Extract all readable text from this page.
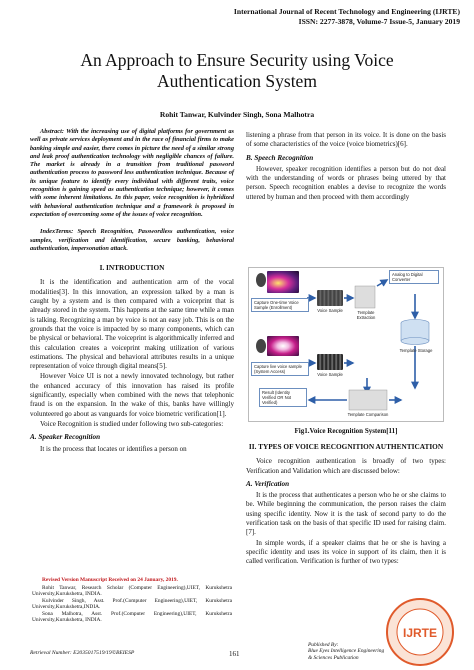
International Journal of Recent Technology and Engineering (IJRTE)
ISSN: 2277-3878, Volume-7 Issue-5, January 2019
An Approach to Ensure Security using Voice Authentication System
Rohit Tanwar, Kulvinder Singh, Sona Malhotra
Abstract: With the increasing use of digital platforms for government as well as private services deployment and in the race of financial firms to make banking simple and easier, there comes in picture the need of a similar strong and leak proof authentication technology with negligible chances of failure. The market is already in a transition from traditional password authentication process to password less authentication technique. Because of its unique feature to identify every individual with different traits, voice recognition is gaining speed as authentication technique; however, it comes with some inherent limitations. In this paper, voice recognition is hybridized with behavioral authentication technique and a framework is proposed in expectation of overcoming some of the issues of voice recognition.
IndexTerms: Speech Recognition, Passwordless authentication, voice samples, verification and identification, secure banking, behavioral authentication, impersonation attack.
I. INTRODUCTION
It is the identification and authentication arm of the vocal modalities[3]. In this innovation, an expression talked by a man is caught by a system and is then compared with a voiceprint that is already stored in the system. This happens at the same time while a man is talking. Recognizing a man by voice is not an easy job. This is on the grounds that the voice is impacted by so many components, which can be physical or behavioral. The voiceprint is algorithmically inferred and this calculation creates a voiceprint making utilization of various estimations. The physical and behavioral attributes results in a unique representation of voice through digital means[5].
However Voice UI is not a newly innovated technology, but rather the enhanced accuracy of this innovation has raised its profile significantly, especially when combined with the news that telephonic fraud is on the expansion. In the wake of this, banks have willingly volunteered go about as vanguards for voice biometric verification[1].
Voice Recognition is studied under following two sub-categories:
A. Speaker Recognition
It is the process that locates or identifies a person on
Revised Version Manuscript Received on 24 January, 2019.
Rohit Tanwar, Research Scholar (Computer Engineering),UIET, Kurukshetra University,Kurukshetra, INDIA.
Kulvinder Singh, Asst. Prof.(Computer Engineering),UIET, Kurukshetra University,Kurukshetra,INDIA.
Sona Malhotra, Asst. Prof.(Computer Engineering),UIET, Kurukshetra University,Kurukshetra, INDIA.
listening a phrase from that person in its voice. It is done on the basis of some characteristics of the voice (voice biometrics)[6].
B. Speech Recognition
However, speaker recognition identifies a person but do not deal with the understanding of words or phrases being uttered by that person. Speech recognition enables a devise to recognize the words uttered by human and then proceed with them accordingly
Analog to Digital Converter
Capture One-time Voice Sample (Enrollment)
Voice Sample	Template Extraction
Template Storage
Capture live voice sample (System Access)
Voice Sample
Result (Identity Verified OR Not Verified)
Template Comparison
Fig1.Voice Recognition System[11]
II. TYPES OF VOICE RECOGNITION AUTHENTICATION
Voice recognition authentication is broadly of two types: Verification and Validation which are discussed below:
A. Verification
It is the process that authenticates a person who he or she claims to be. While beginning the communication, the person raises the claim using specific identity. Now it is the task of second party to do the verification task on the basis of that specific ID used for raising claim. [7].
In simple words, if a speaker claims that he or she is having a specific identity and uses its voice in support of its claim, then it is called verification. Verification is further of two types:
Retrieval Number: E2035017519/19©BEIESP	161
Published By:
Blue Eyes Intelligence Engineering
& Sciences Publication
IJRTE
